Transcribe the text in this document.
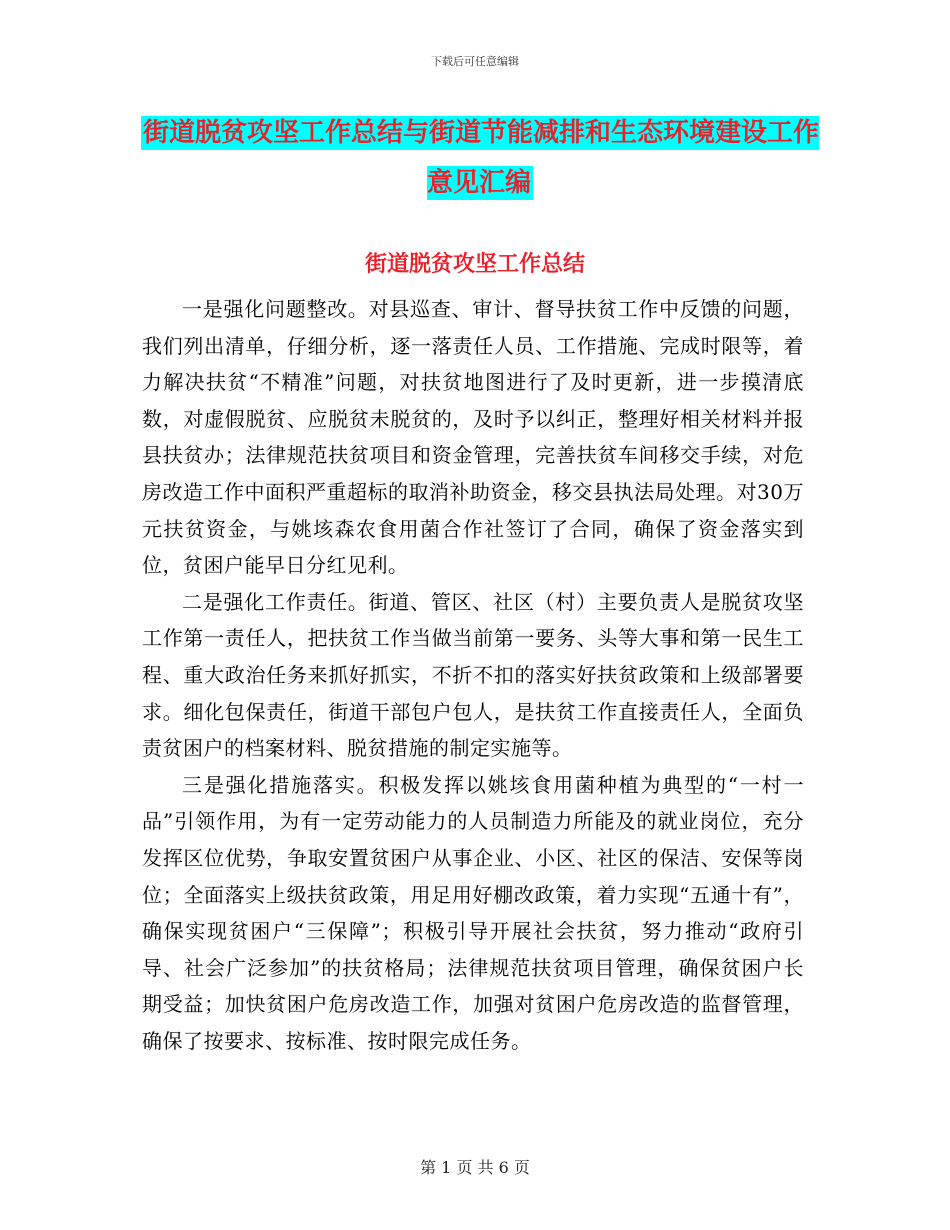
下载后可任意编辑
街道脱贫攻坚工作总结与街道节能减排和生态环境建设工作意见汇编
街道脱贫攻坚工作总结

一是强化问题整改。对县巡查、审计、督导扶贫工作中反馈的问题，我们列出清单，仔细分析，逐一落责任人员、工作措施、完成时限等，着力解决扶贫“不精准”问题，对扶贫地图进行了及时更新，进一步摸清底数，对虚假脱贫、应脱贫未脱贫的，及时予以纠正，整理好相关材料并报县扶贫办；法律规范扶贫项目和资金管理，完善扶贫车间移交手续，对危房改造工作中面积严重超标的取消补助资金，移交县执法局处理。对30万元扶贫资金，与姚垓森农食用菌合作社签订了合同，确保了资金落实到位，贫困户能早日分红见利。

二是强化工作责任。街道、管区、社区（村）主要负责人是脱贫攻坚工作第一责任人，把扶贫工作当做当前第一要务、头等大事和第一民生工程、重大政治任务来抓好抓实，不折不扣的落实好扶贫政策和上级部署要求。细化包保责任，街道干部包户包人，是扶贫工作直接责任人，全面负责贫困户的档案材料、脱贫措施的制定实施等。

三是强化措施落实。积极发挥以姚垓食用菌种植为典型的“一村一品”引领作用，为有一定劳动能力的人员制造力所能及的就业岗位，充分发挥区位优势，争取安置贫困户从事企业、小区、社区的保洁、安保等岗位；全面落实上级扶贫政策，用足用好棚改政策，着力实现“五通十有”，确保实现贫困户“三保障”；积极引导开展社会扶贫，努力推动“政府引导、社会广泛参加”的扶贫格局；法律规范扶贫项目管理，确保贫困户长期受益；加快贫困户危房改造工作，加强对贫困户危房改造的监督管理，确保了按要求、按标准、按时限完成任务。

第 1 页 共 6 页
